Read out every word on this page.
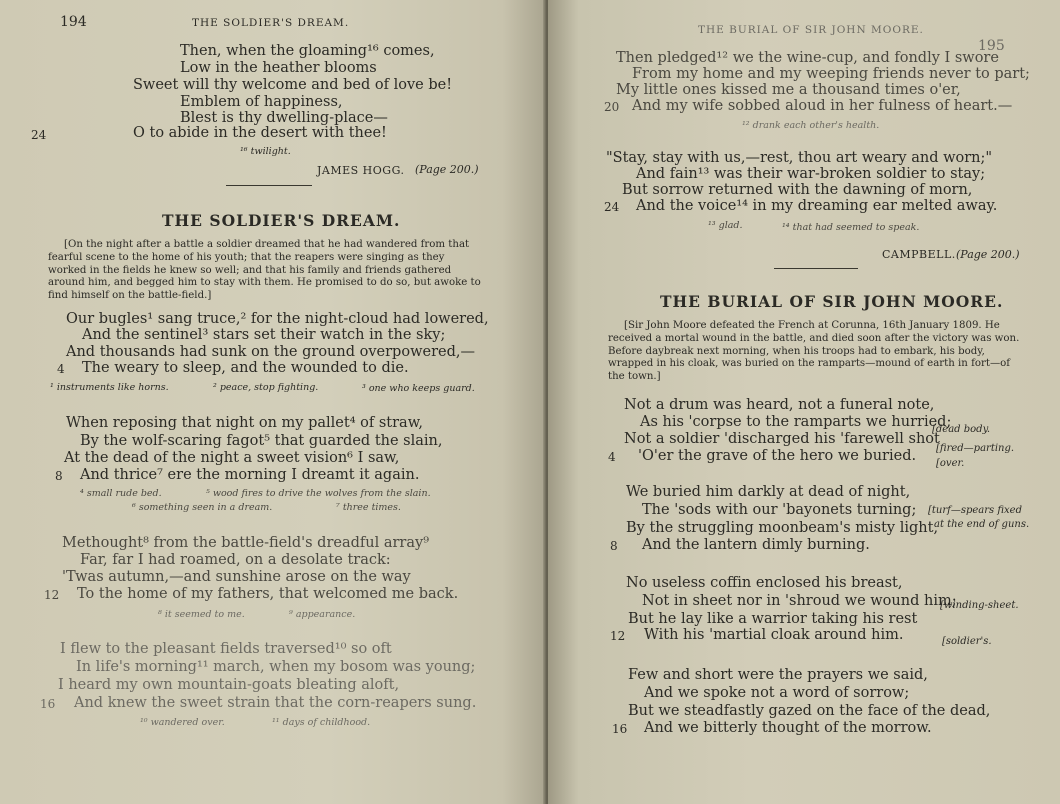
194	THE SOLDIER'S DREAM.
Then, when the gloaming¹⁶ comes,
Low in the heather blooms
Sweet will thy welcome and bed of love be!
Emblem of happiness,
Blest is thy dwelling-place—
O to abide in the desert with thee!
24
¹⁶ twilight.
JAMES HOGG. (Page 200.)
THE SOLDIER'S DREAM.
[On the night after a battle a soldier dreamed that he had wandered from that fearful scene to the home of his youth; that the reapers were singing as they worked in the fields he knew so well; and that his family and friends gathered around him, and begged him to stay with them. He promised to do so, but awoke to find himself on the battle-field.]
Our bugles¹ sang truce,² for the night-cloud had lowered,
And the sentinel³ stars set their watch in the sky;
And thousands had sunk on the ground overpowered,—
The weary to sleep, and the wounded to die.
4
¹ instruments like horns.	² peace, stop fighting.	³ one who keeps guard.
When reposing that night on my pallet⁴ of straw,
By the wolf-scaring fagot⁵ that guarded the slain,
At the dead of the night a sweet vision⁶ I saw,
And thrice⁷ ere the morning I dreamt it again.
8
⁴ small rude bed.	⁵ wood fires to drive the wolves from the slain.
⁶ something seen in a dream.	⁷ three times.
Methought⁸ from the battle-field's dreadful array⁹
Far, far I had roamed, on a desolate track:
'Twas autumn,—and sunshine arose on the way
To the home of my fathers, that welcomed me back.
12
⁸ it seemed to me.	⁹ appearance.
I flew to the pleasant fields traversed¹⁰ so oft
In life's morning¹¹ march, when my bosom was young;
I heard my own mountain-goats bleating aloft,
And knew the sweet strain that the corn-reapers sung.
16
¹⁰ wandered over.	¹¹ days of childhood.
THE BURIAL OF SIR JOHN MOORE.
195
Then pledged¹² we the wine-cup, and fondly I swore
From my home and my weeping friends never to part;
My little ones kissed me a thousand times o'er,
And my wife sobbed aloud in her fulness of heart.—
20
¹² drank each other's health.
"Stay, stay with us,—rest, thou art weary and worn;"
And fain¹³ was their war-broken soldier to stay;
But sorrow returned with the dawning of morn,
And the voice¹⁴ in my dreaming ear melted away.
24
¹³ glad.	¹⁴ that had seemed to speak.
CAMPBELL. (Page 200.)
THE BURIAL OF SIR JOHN MOORE.
[Sir John Moore defeated the French at Corunna, 16th January 1809. He received a mortal wound in the battle, and died soon after the victory was won. Before daybreak next morning, when his troops had to embark, his body, wrapped in his cloak, was buried on the ramparts—mound of earth in fort—of the town.]
Not a drum was heard, not a funeral note,
As his 'corpse to the ramparts we hurried;
Not a soldier 'discharged his 'farewell shot
'O'er the grave of the hero we buried.
4
[dead body.
[fired—parting.
[over.
We buried him darkly at dead of night,
The 'sods with our 'bayonets turning;
By the struggling moonbeam's misty light,
And the lantern dimly burning.
8
[turf—spears fixed
at the end of guns.
No useless coffin enclosed his breast,
Not in sheet nor in 'shroud we wound him;
But he lay like a warrior taking his rest
With his 'martial cloak around him.
12
[winding-sheet.
[soldier's.
Few and short were the prayers we said,
And we spoke not a word of sorrow;
But we steadfastly gazed on the face of the dead,
And we bitterly thought of the morrow.
16
